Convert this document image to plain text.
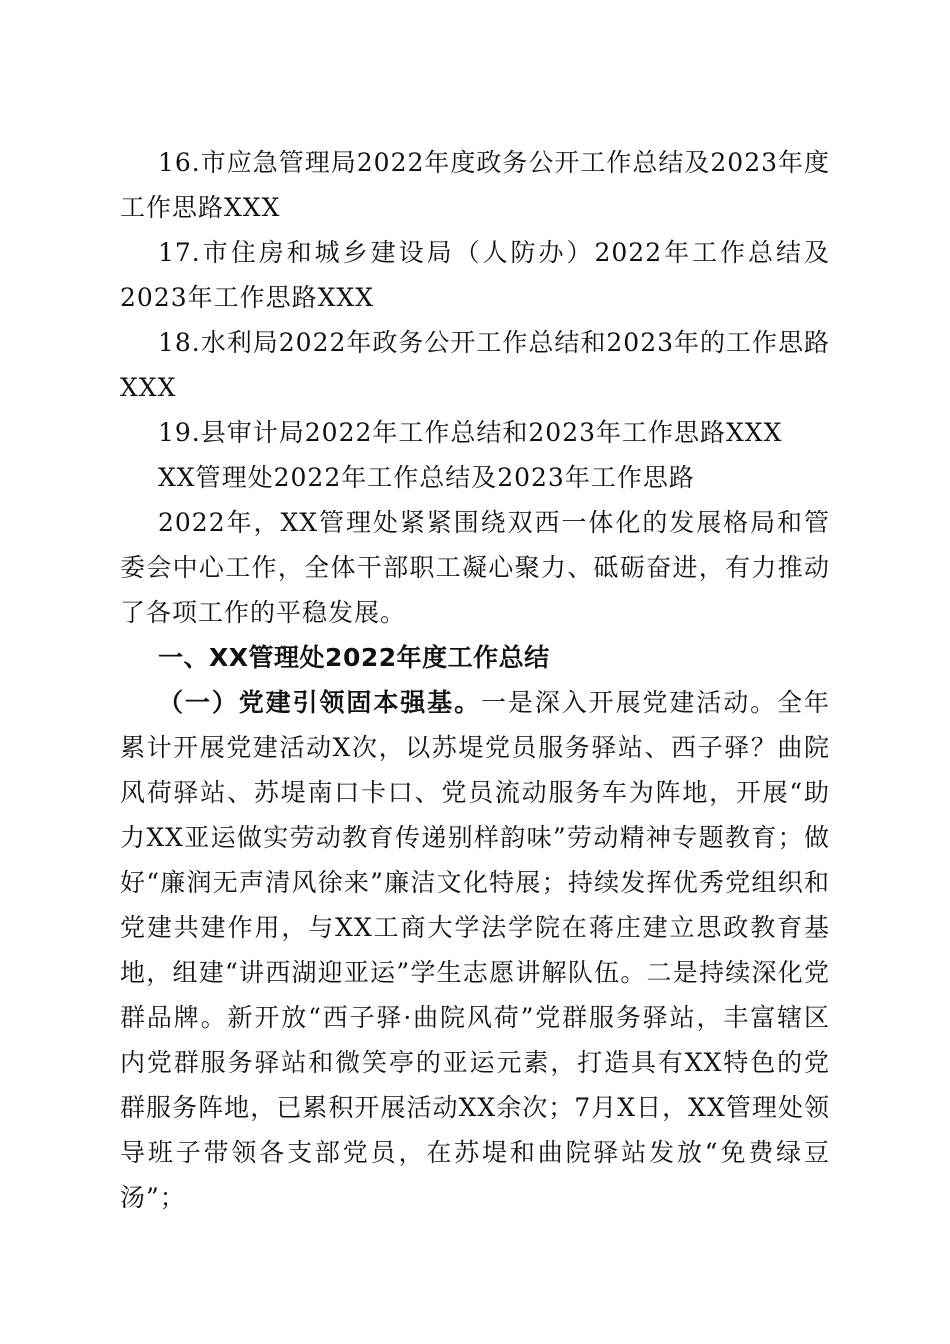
16.市应急管理局2022年度政务公开工作总结及2023年度工作思路XXX

17.市住房和城乡建设局（人防办）2022年工作总结及2023年工作思路XXX

18.水利局2022年政务公开工作总结和2023年的工作思路XXX

19.县审计局2022年工作总结和2023年工作思路XXX

XX管理处2022年工作总结及2023年工作思路

2022年，XX管理处紧紧围绕双西一体化的发展格局和管委会中心工作，全体干部职工凝心聚力、砥砺奋进，有力推动了各项工作的平稳发展。

一、XX管理处2022年度工作总结

（一）党建引领固本强基。一是深入开展党建活动。全年累计开展党建活动X次，以苏堤党员服务驿站、西子驿？曲院风荷驿站、苏堤南口卡口、党员流动服务车为阵地，开展“助力XX亚运做实劳动教育传递别样韵味”劳动精神专题教育；做好“廉润无声清风徐来”廉洁文化特展；持续发挥优秀党组织和党建共建作用，与XX工商大学法学院在蒋庄建立思政教育基地，组建“讲西湖迎亚运”学生志愿讲解队伍。二是持续深化党群品牌。新开放“西子驿·曲院风荷”党群服务驿站，丰富辖区内党群服务驿站和微笑亭的亚运元素，打造具有XX特色的党群服务阵地，已累积开展活动XX余次；7月X日，XX管理处领导班子带领各支部党员，在苏堤和曲院驿站发放“免费绿豆汤”；
